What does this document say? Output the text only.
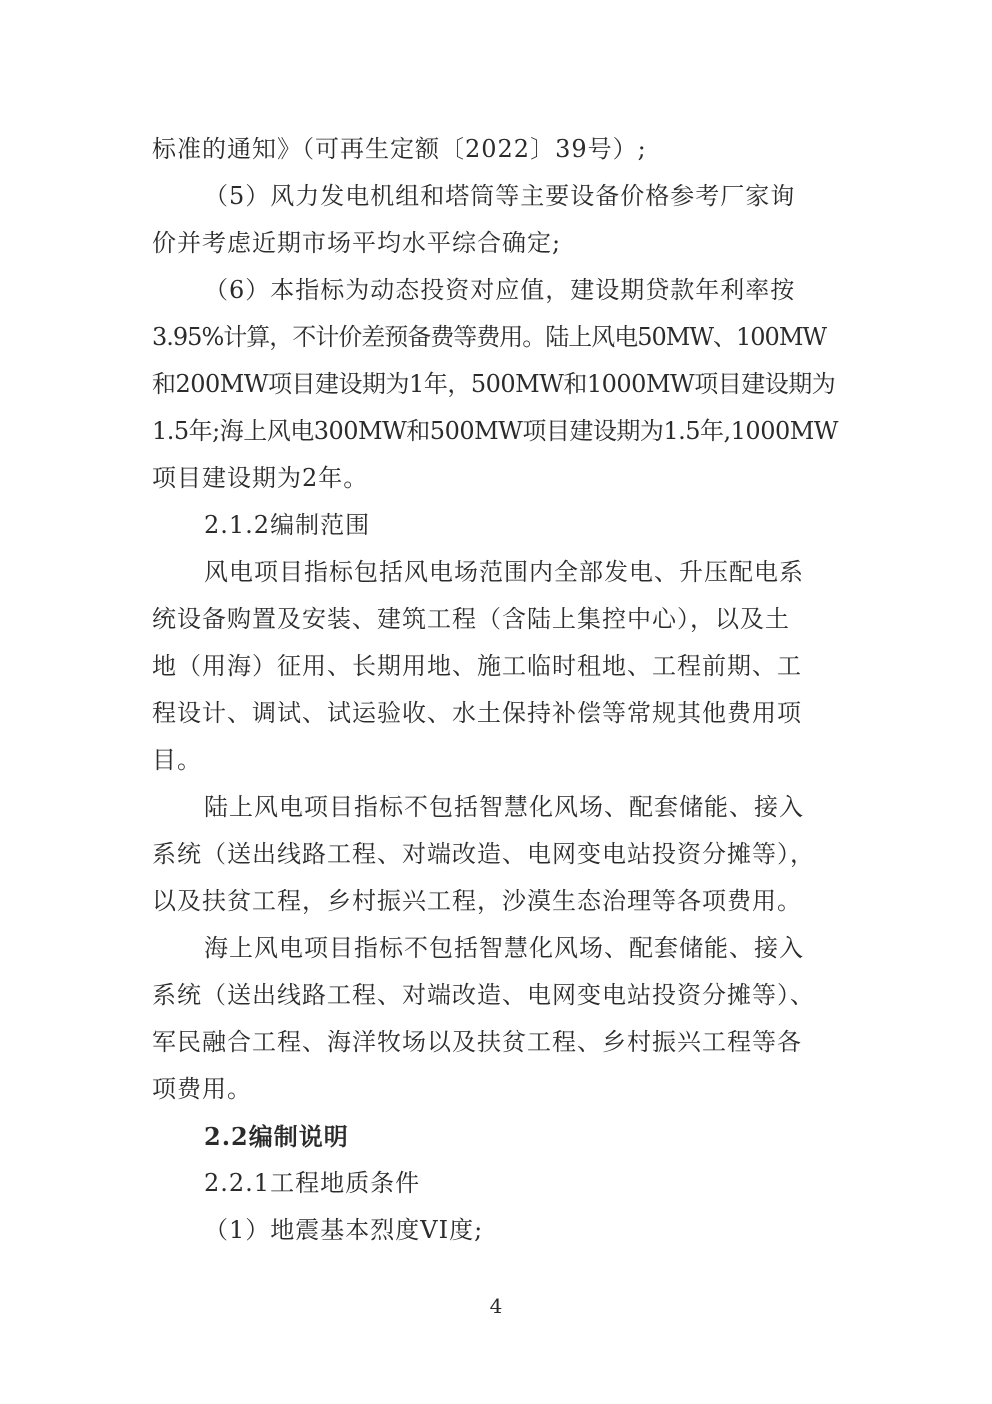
标准的通知》（可再生定额〔2022〕39号）;
（5）风力发电机组和塔筒等主要设备价格参考厂家询
价并考虑近期市场平均水平综合确定;
（6）本指标为动态投资对应值，建设期贷款年利率按
3.95%计算，不计价差预备费等费用。陆上风电50MW、100MW
和200MW项目建设期为1年，500MW和1000MW项目建设期为
1.5年;海上风电300MW和500MW项目建设期为1.5年,1000MW
项目建设期为2年。
2.1.2编制范围
风电项目指标包括风电场范围内全部发电、升压配电系
统设备购置及安装、建筑工程（含陆上集控中心），以及土
地（用海）征用、长期用地、施工临时租地、工程前期、工
程设计、调试、试运验收、水土保持补偿等常规其他费用项
目。
陆上风电项目指标不包括智慧化风场、配套储能、接入
系统（送出线路工程、对端改造、电网变电站投资分摊等），
以及扶贫工程，乡村振兴工程，沙漠生态治理等各项费用。
海上风电项目指标不包括智慧化风场、配套储能、接入
系统（送出线路工程、对端改造、电网变电站投资分摊等）、
军民融合工程、海洋牧场以及扶贫工程、乡村振兴工程等各
项费用。
2.2编制说明
2.2.1工程地质条件
（1）地震基本烈度VI度;
4
